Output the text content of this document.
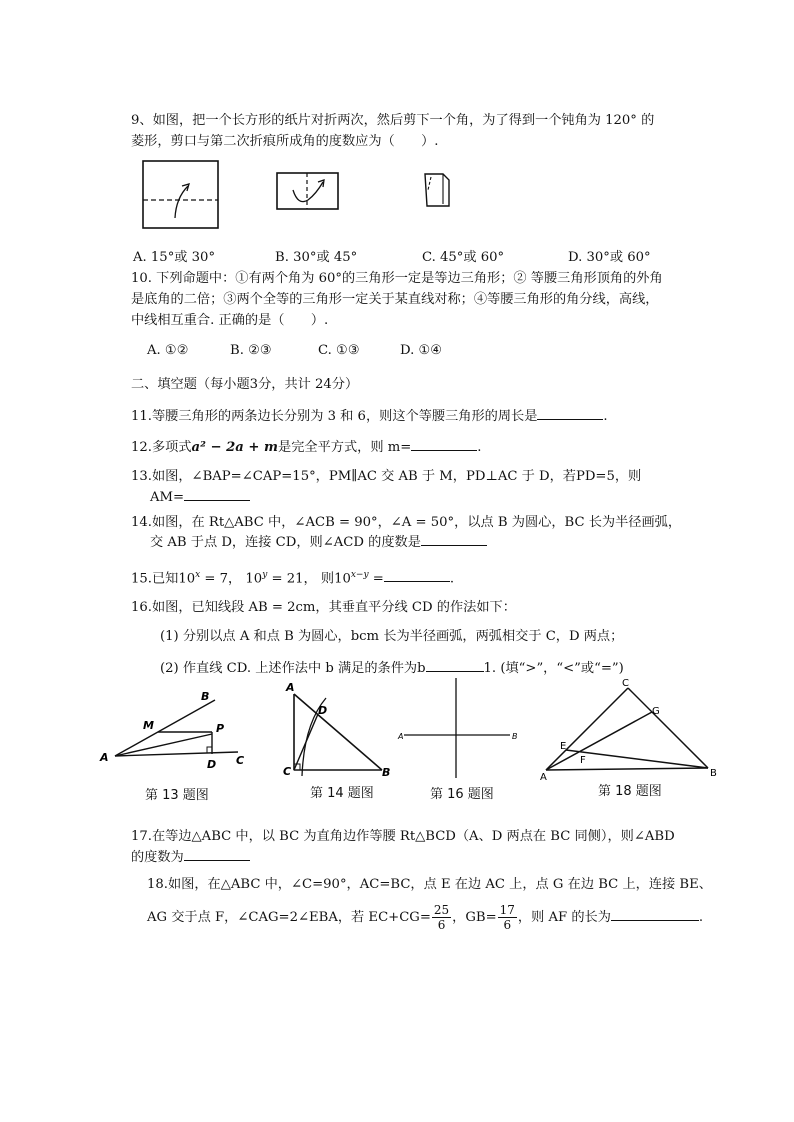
9、如图，把一个长方形的纸片对折两次，然后剪下一个角，为了得到一个钝角为 120° 的
菱形，剪口与第二次折痕所成角的度数应为（　　）.
A. 15°或 30°	B. 30°或 45°	C. 45°或 60°	D. 30°或 60°
10. 下列命题中：①有两个角为 60°的三角形一定是等边三角形；② 等腰三角形顶角的外角
是底角的二倍；③两个全等的三角形一定关于某直线对称；④等腰三角形的角分线，高线，
中线相互重合. 正确的是（　　）.
A. ①②	B. ②③	C. ①③	D. ①④
二、填空题（每小题3分，共计 24分）
11.等腰三角形的两条边长分别为 3 和 6，则这个等腰三角形的周长是	.
12.多项式a² − 2a + m是完全平方式，则 m=	.
13.如图，∠BAP=∠CAP=15°，PM∥AC 交 AB 于 M，PD⊥AC 于 D，若PD=5，则
AM=
14.如图，在 Rt△ABC 中，∠ACB = 90°，∠A = 50°，以点 B 为圆心，BC 长为半径画弧，
交 AB 于点 D，连接 CD，则∠ACD 的度数是
15.已知$10^x = 7$， $10^y = 21$， 则$10^{x-y}$ =	.
16.如图，已知线段 AB = 2cm，其垂直平分线 CD 的作法如下：
(1) 分别以点 A 和点 B 为圆心，bcm 长为半径画弧，两弧相交于 C，D 两点；
(2) 作直线 CD. 上述作法中 b 满足的条件为b	1. (填“>”，“<”或“=”)
B
M	P
A
D C
第 13 题图
A
D
C	B
第 14 题图
A	B
第 16 题图
C
G
E
F
A	B
第 18 题图
17.在等边△ABC 中，以 BC 为直角边作等腰 Rt△BCD（A、D 两点在 BC 同侧），则∠ABD
的度数为
18.如图，在△ABC 中，∠C=90°，AC=BC，点 E 在边 AC 上，点 G 在边 BC 上，连接 BE、
AG 交于点 F，∠CAG=2∠EBA，若 $EC+CG= \frac{25}{6}$ ，$GB= \frac{17}{6}$ ，则 AF 的长为	.
